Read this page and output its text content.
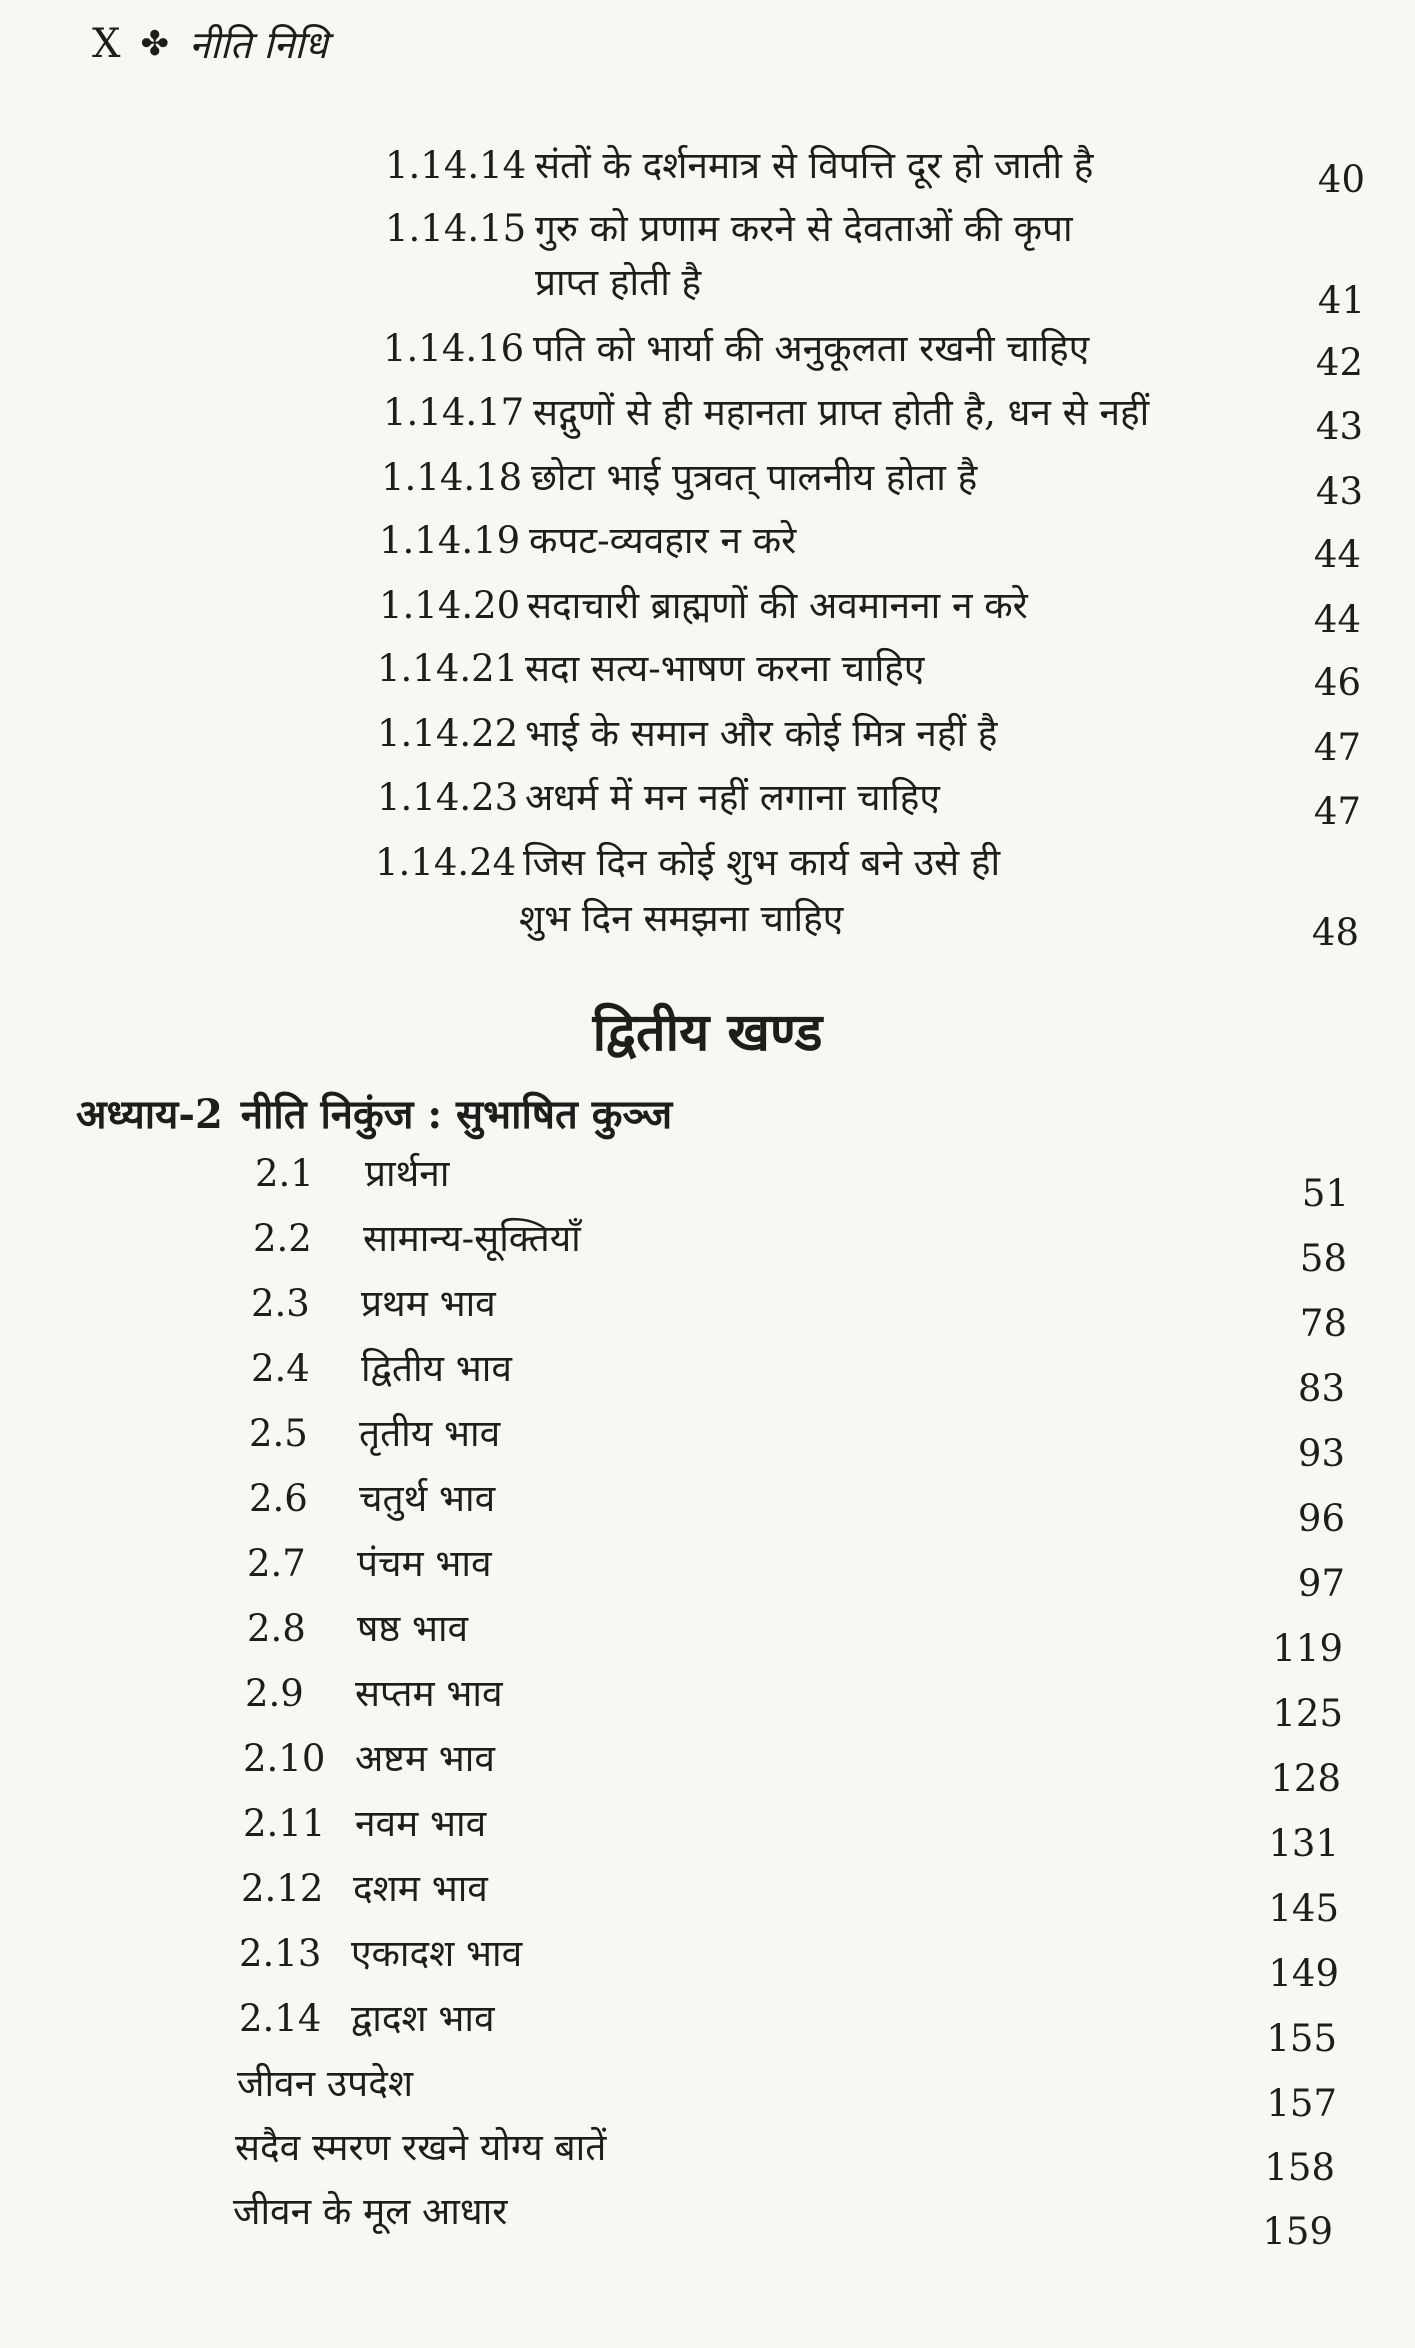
X ✤ नीति निधि
1.14.14 संतों के दर्शनमात्र से विपत्ति दूर हो जाती है	40
1.14.15 गुरु को प्रणाम करने से देवताओं की कृपा
प्राप्त होती है	41
1.14.16 पति को भार्या की अनुकूलता रखनी चाहिए	42
1.14.17 सद्गुणों से ही महानता प्राप्त होती है, धन से नहीं	43
1.14.18 छोटा भाई पुत्रवत् पालनीय होता है	43
1.14.19 कपट-व्यवहार न करे	44
1.14.20 सदाचारी ब्राह्मणों की अवमानना न करे	44
1.14.21 सदा सत्य-भाषण करना चाहिए	46
1.14.22 भाई के समान और कोई मित्र नहीं है	47
1.14.23 अधर्म में मन नहीं लगाना चाहिए	47
1.14.24 जिस दिन कोई शुभ कार्य बने उसे ही
शुभ दिन समझना चाहिए	48
द्वितीय खण्ड
अध्याय-2 नीति निकुंज : सुभाषित कुञ्ज
2.1 प्रार्थना	51
2.2 सामान्य-सूक्तियाँ	58
2.3 प्रथम भाव	78
2.4 द्वितीय भाव	83
2.5 तृतीय भाव	93
2.6 चतुर्थ भाव	96
2.7 पंचम भाव	97
2.8 षष्ठ भाव	119
2.9 सप्तम भाव	125
2.10 अष्टम भाव	128
2.11 नवम भाव	131
2.12 दशम भाव	145
2.13 एकादश भाव	149
2.14 द्वादश भाव	155
जीवन उपदेश	157
सदैव स्मरण रखने योग्य बातें	158
जीवन के मूल आधार	159
